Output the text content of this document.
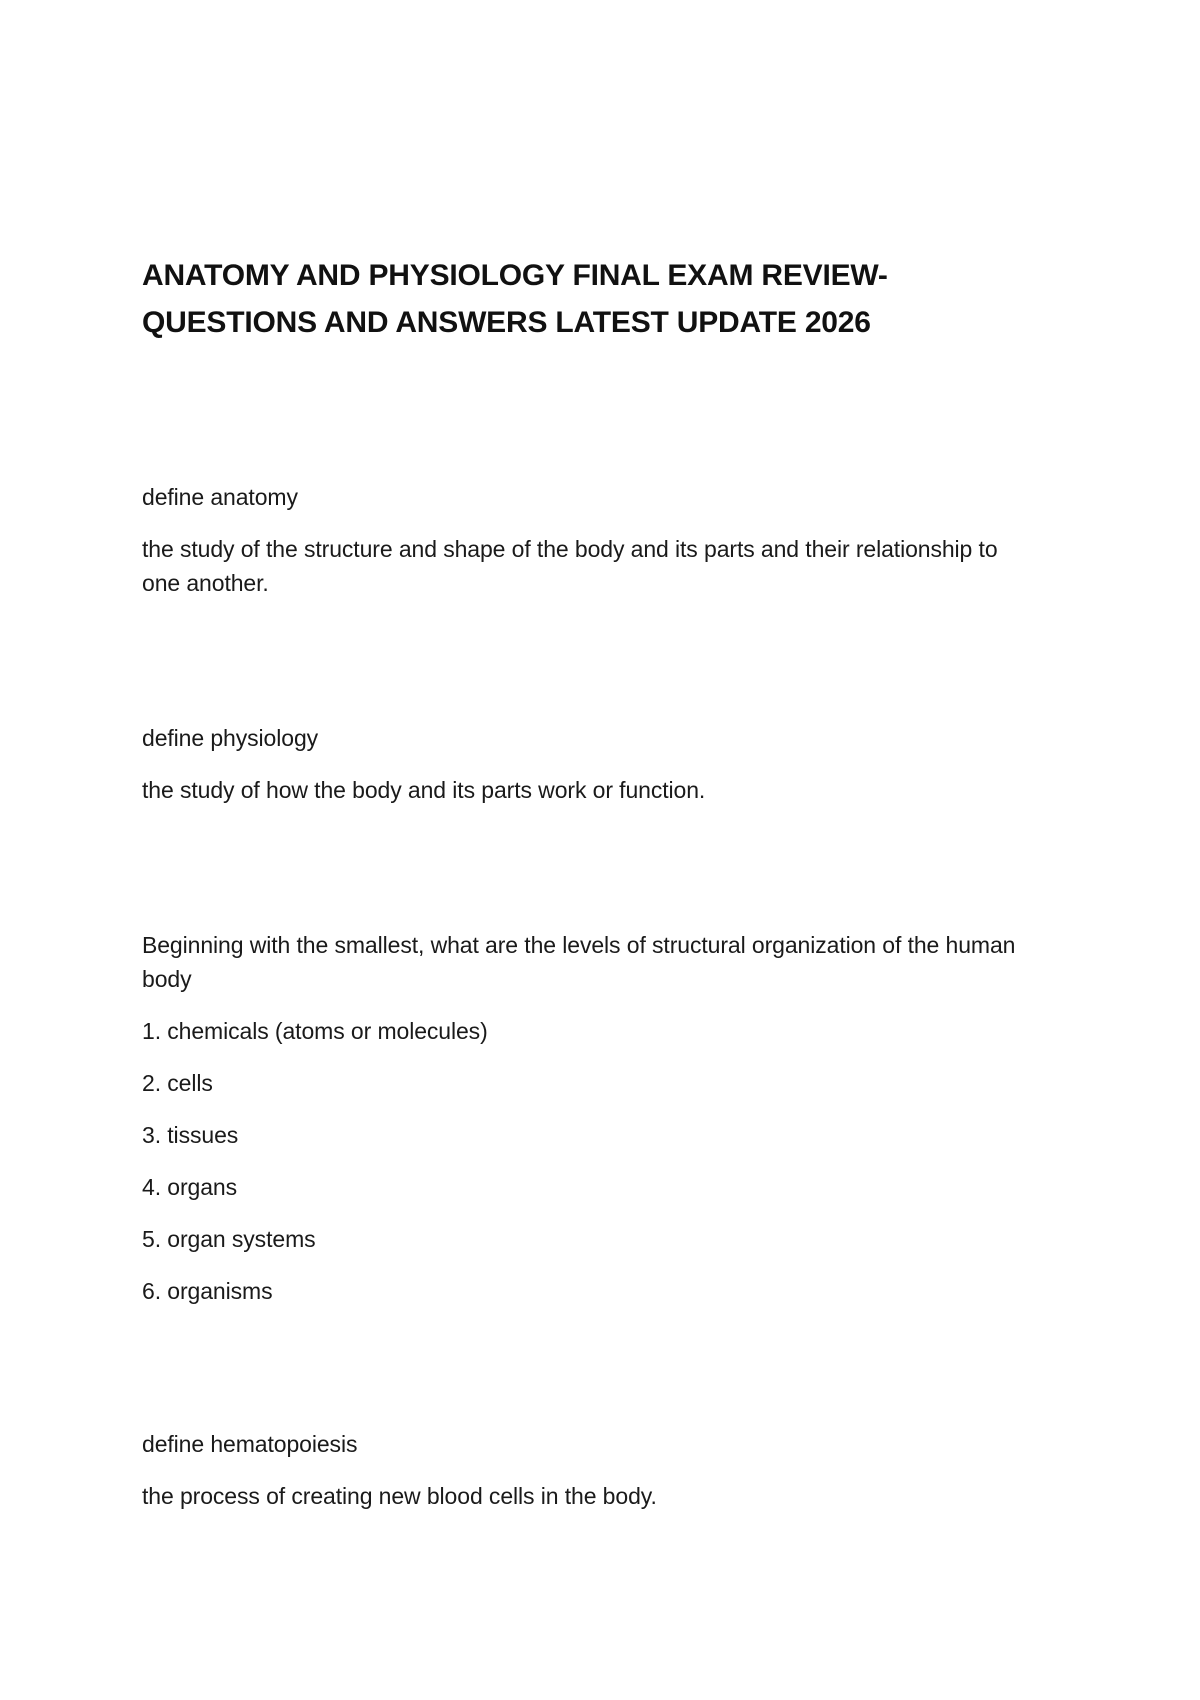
ANATOMY AND PHYSIOLOGY FINAL EXAM REVIEW-
QUESTIONS AND ANSWERS LATEST UPDATE 2026

define anatomy

the study of the structure and shape of the body and its parts and their relationship to

one another.

define physiology

the study of how the body and its parts work or function.

Beginning with the smallest, what are the levels of structural organization of the human

body

1. chemicals (atoms or molecules)

2. cells

3. tissues

4. organs

5. organ systems

6. organisms

define hematopoiesis

the process of creating new blood cells in the body.
